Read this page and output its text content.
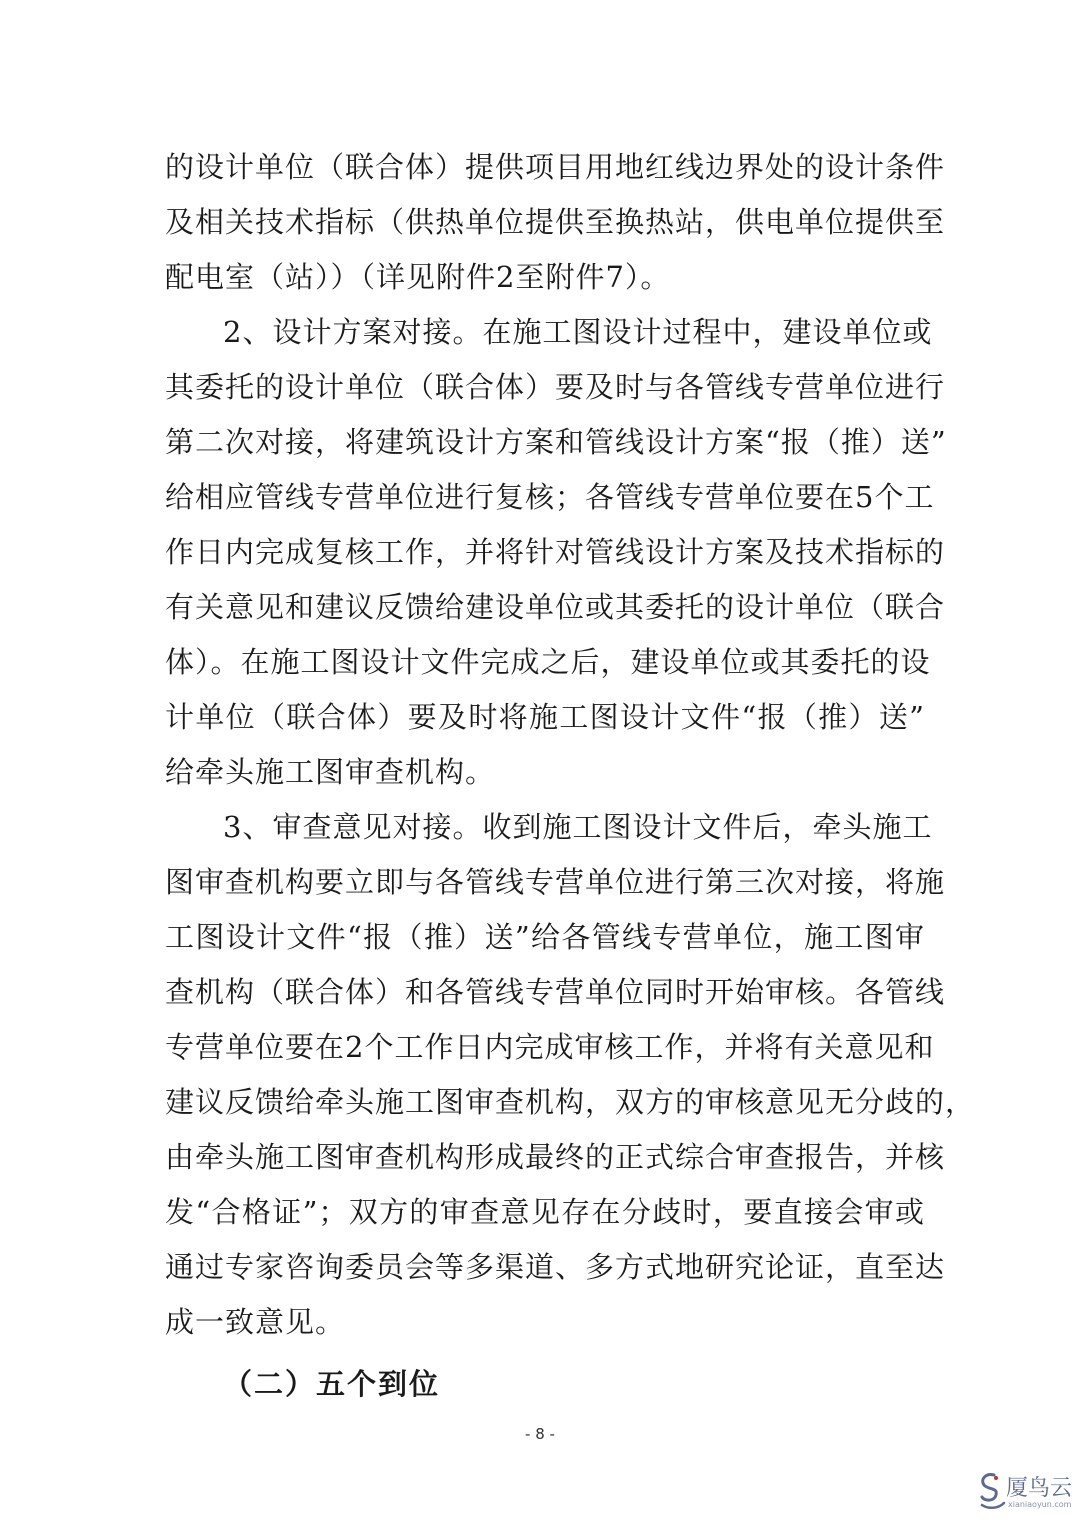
的设计单位（联合体）提供项目用地红线边界处的设计条件
及相关技术指标（供热单位提供至换热站，供电单位提供至
配电室（站））（详见附件2至附件7）。
2、设计方案对接。在施工图设计过程中，建设单位或
其委托的设计单位（联合体）要及时与各管线专营单位进行
第二次对接，将建筑设计方案和管线设计方案“报（推）送”
给相应管线专营单位进行复核；各管线专营单位要在5个工
作日内完成复核工作，并将针对管线设计方案及技术指标的
有关意见和建议反馈给建设单位或其委托的设计单位（联合
体）。在施工图设计文件完成之后，建设单位或其委托的设
计单位（联合体）要及时将施工图设计文件“报（推）送”
给牵头施工图审查机构。
3、审查意见对接。收到施工图设计文件后，牵头施工
图审查机构要立即与各管线专营单位进行第三次对接，将施
工图设计文件“报（推）送”给各管线专营单位，施工图审
查机构（联合体）和各管线专营单位同时开始审核。各管线
专营单位要在2个工作日内完成审核工作，并将有关意见和
建议反馈给牵头施工图审查机构，双方的审核意见无分歧的，
由牵头施工图审查机构形成最终的正式综合审查报告，并核
发“合格证”；双方的审查意见存在分歧时，要直接会审或
通过专家咨询委员会等多渠道、多方式地研究论证，直至达
成一致意见。
（二）五个到位
- 8 -
厦鸟云
xianiaoyun.com
